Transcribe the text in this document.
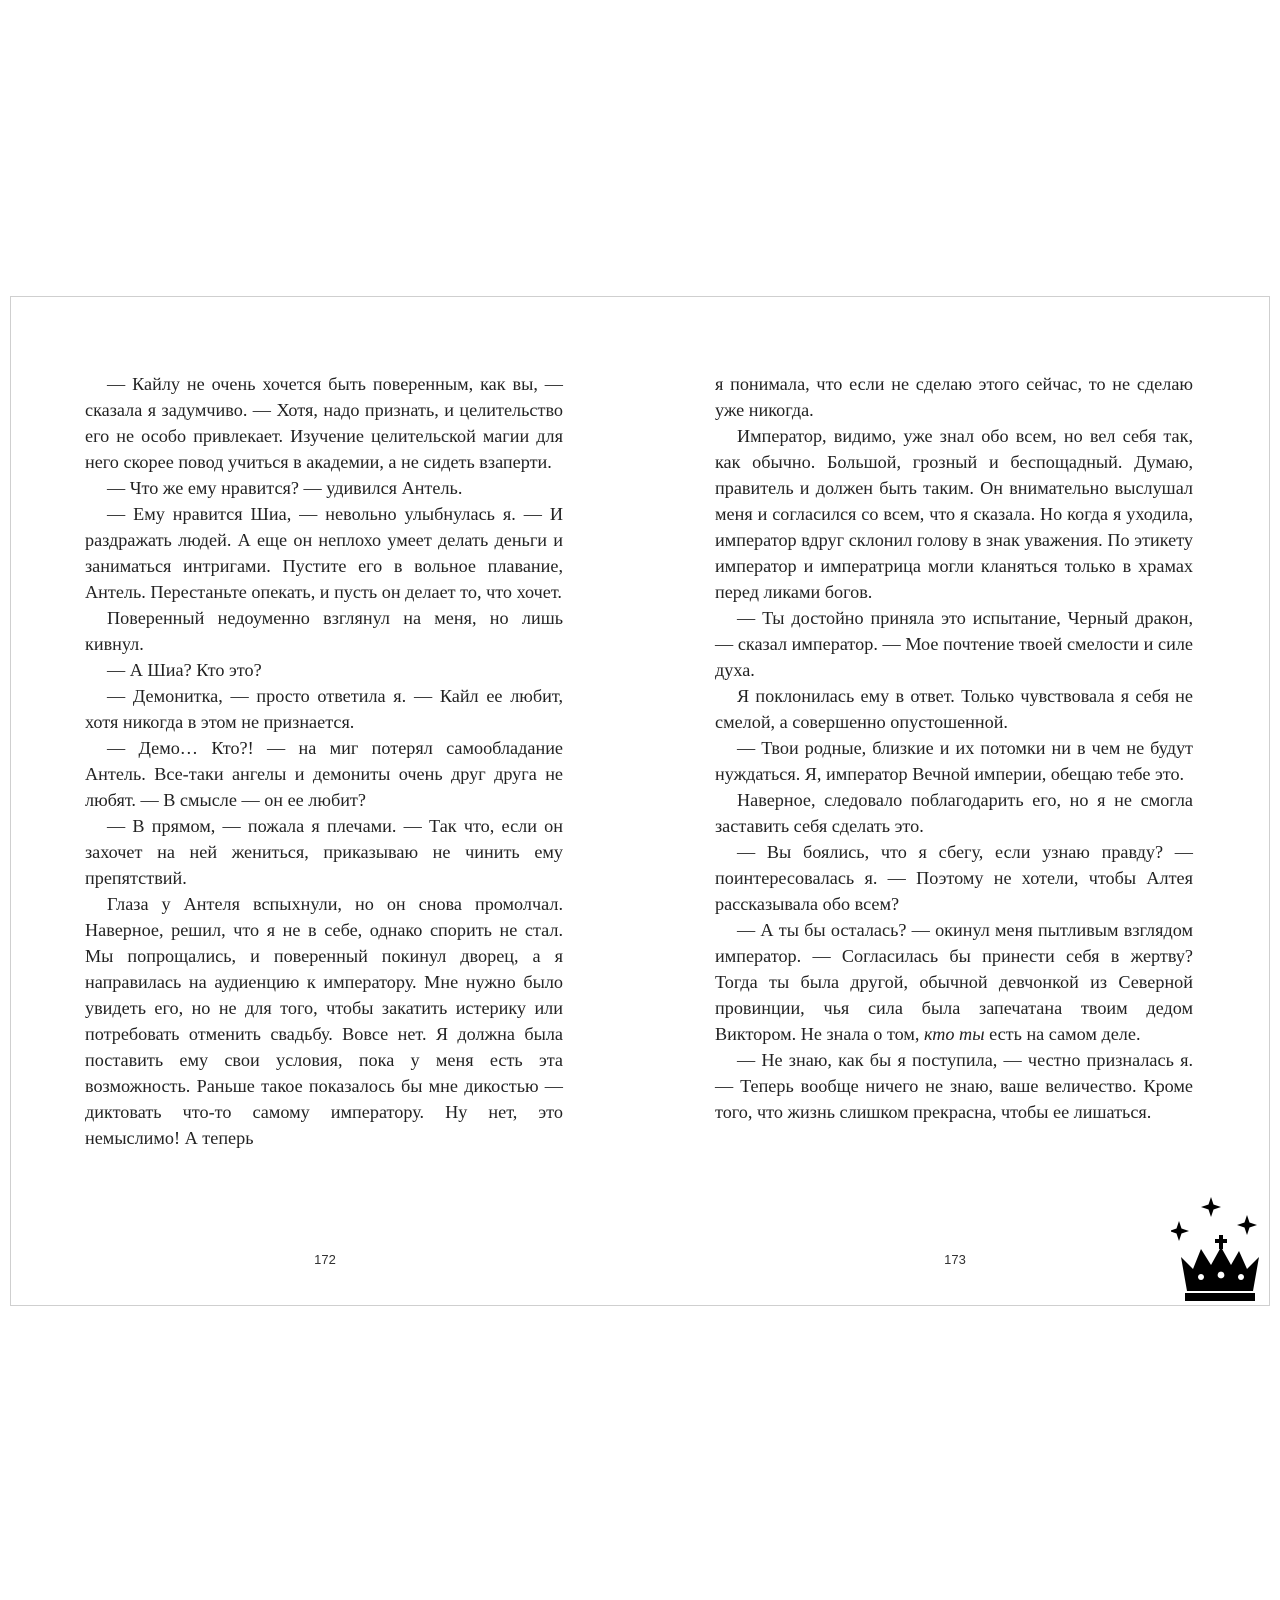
— Кайлу не очень хочется быть поверенным, как вы, — сказала я задумчиво. — Хотя, надо признать, и целительство его не особо привлекает. Изучение целительской магии для него скорее повод учиться в академии, а не сидеть взаперти.

— Что же ему нравится? — удивился Антель.

— Ему нравится Шиа, — невольно улыбнулась я. — И раздражать людей. А еще он неплохо умеет делать деньги и заниматься интригами. Пустите его в вольное плавание, Антель. Перестаньте опекать, и пусть он делает то, что хочет.

Поверенный недоуменно взглянул на меня, но лишь кивнул.

— А Шиа? Кто это?

— Демонитка, — просто ответила я. — Кайл ее любит, хотя никогда в этом не признается.

— Демо… Кто?! — на миг потерял самообладание Антель. Все-таки ангелы и демониты очень друг друга не любят. — В смысле — он ее любит?

— В прямом, — пожала я плечами. — Так что, если он захочет на ней жениться, приказываю не чинить ему препятствий.

Глаза у Антеля вспыхнули, но он снова промолчал. Наверное, решил, что я не в себе, однако спорить не стал. Мы попрощались, и поверенный покинул дворец, а я направилась на аудиенцию к императору. Мне нужно было увидеть его, но не для того, чтобы закатить истерику или потребовать отменить свадьбу. Вовсе нет. Я должна была поставить ему свои условия, пока у меня есть эта возможность. Раньше такое показалось бы мне дикостью — диктовать что-то самому императору. Ну нет, это немыслимо! А теперь

я понимала, что если не сделаю этого сейчас, то не сделаю уже никогда.

Император, видимо, уже знал обо всем, но вел себя так, как обычно. Большой, грозный и беспощадный. Думаю, правитель и должен быть таким. Он внимательно выслушал меня и согласился со всем, что я сказала. Но когда я уходила, император вдруг склонил голову в знак уважения. По этикету император и императрица могли кланяться только в храмах перед ликами богов.

— Ты достойно приняла это испытание, Черный дракон, — сказал император. — Мое почтение твоей смелости и силе духа.

Я поклонилась ему в ответ. Только чувствовала я себя не смелой, а совершенно опустошенной.

— Твои родные, близкие и их потомки ни в чем не будут нуждаться. Я, император Вечной империи, обещаю тебе это.

Наверное, следовало поблагодарить его, но я не смогла заставить себя сделать это.

— Вы боялись, что я сбегу, если узнаю правду? — поинтересовалась я. — Поэтому не хотели, чтобы Алтея рассказывала обо всем?

— А ты бы осталась? — окинул меня пытливым взглядом император. — Согласилась бы принести себя в жертву? Тогда ты была другой, обычной девчонкой из Северной провинции, чья сила была запечатана твоим дедом Виктором. Не знала о том, кто ты есть на самом деле.

— Не знаю, как бы я поступила, — честно призналась я. — Теперь вообще ничего не знаю, ваше величество. Кроме того, что жизнь слишком прекрасна, чтобы ее лишаться.

172	173
